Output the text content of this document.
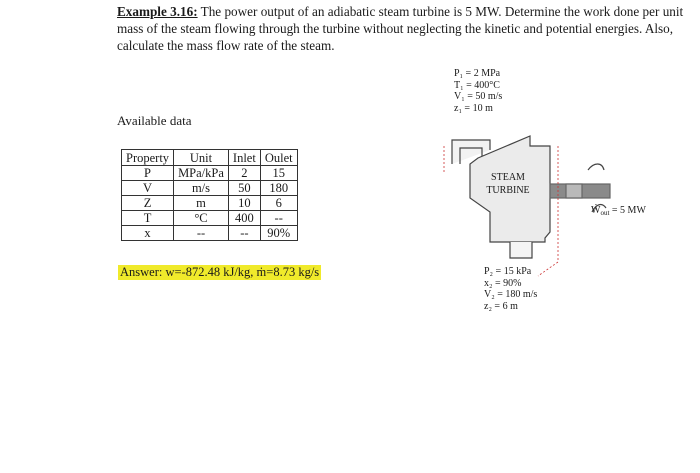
Example 3.16: The power output of an adiabatic steam turbine is 5 MW. Determine the work done per unit mass of the steam flowing through the turbine without neglecting the kinetic and potential energies. Also, calculate the mass flow rate of the steam.
Available data
Property	Unit	Inlet	Oulet
P	MPa/kPa	2	15
V	m/s	50	180
Z	m	10	6
T	°C	400	--
x	--	--	90%
Answer: w=-872.48 kJ/kg, ṁ=8.73 kg/s
P₁ = 2 MPa
T₁ = 400°C
V₁ = 50 m/s
z₁ = 10 m
STEAM
TURBINE
Ẇ$_{out}$ = 5 MW
P₂ = 15 kPa
x₂ = 90%
V₂ = 180 m/s
z₂ = 6 m
